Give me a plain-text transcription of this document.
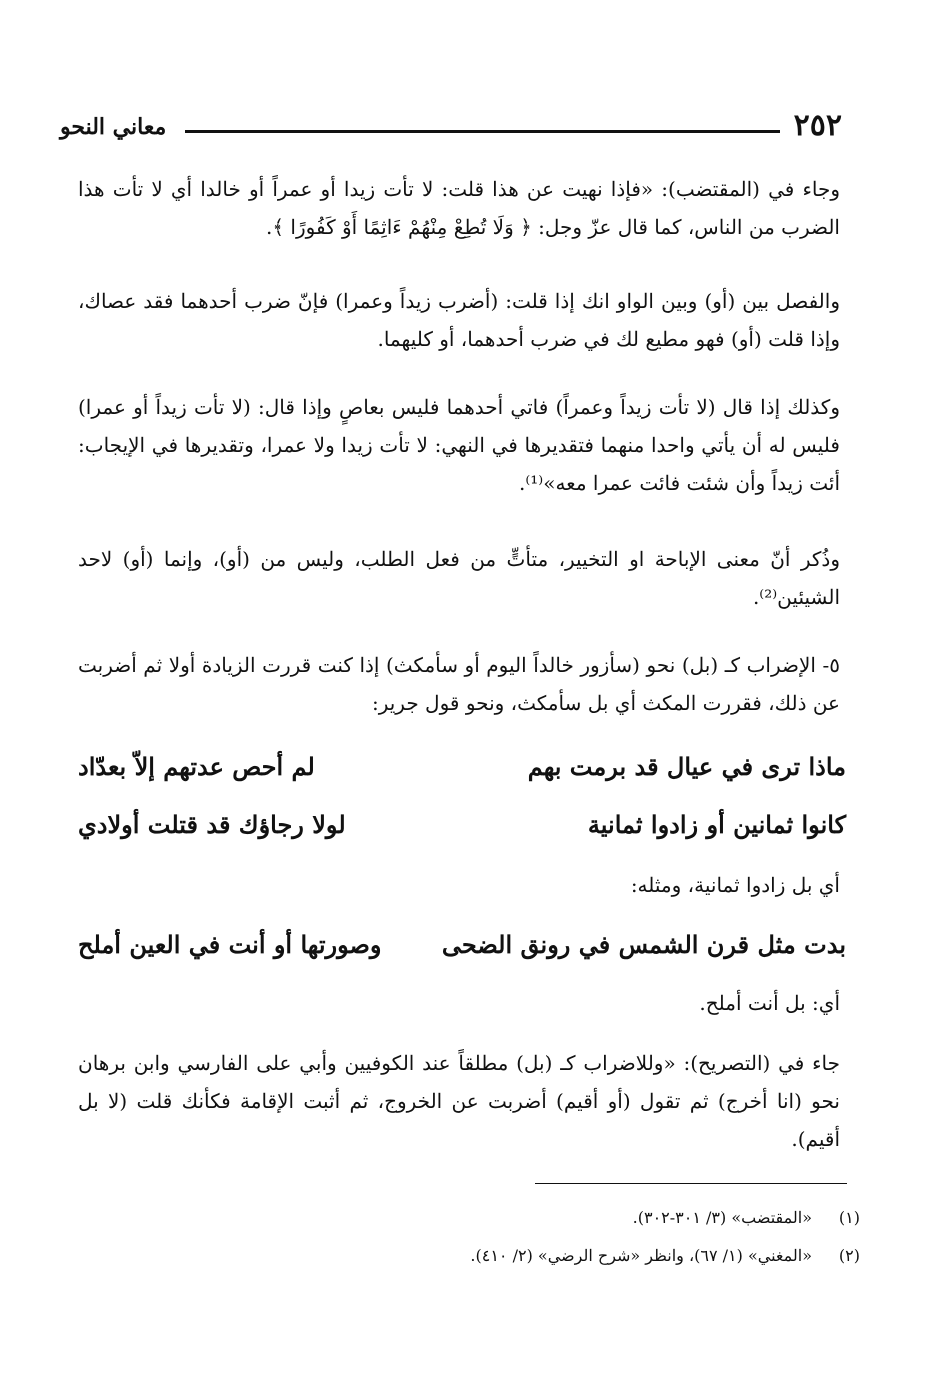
٢٥٢
معاني النحو

وجاء في (المقتضب): «فإذا نهيت عن هذا قلت: لا تأت زيدا أو عمراً أو خالدا أي لا تأت هذا الضرب من الناس، كما قال عزّ وجل: ﴿ وَلَا تُطِعْ مِنْهُمْ ءَاثِمًا أَوْ كَفُورًا ﴾.

والفصل بين (أو) وبين الواو انك إذا قلت: (أضرب زيداً وعمرا) فإنّ ضرب أحدهما فقد عصاك، وإذا قلت (أو) فهو مطيع لك في ضرب أحدهما، أو كليهما.

وكذلك إذا قال (لا تأت زيداً وعمراً) فاتي أحدهما فليس بعاصٍ وإذا قال: (لا تأت زيداً أو عمرا) فليس له أن يأتي واحدا منهما فتقديرها في النهي: لا تأت زيدا ولا عمرا، وتقديرها في الإيجاب: أئت زيداً وأن شئت فائت عمرا معه»⁽¹⁾.

وذُكر أنّ معنى الإباحة او التخيير، متأتٍّ من فعل الطلب، وليس من (أو)، وإنما (أو) لاحد الشيئين⁽²⁾.

٥- الإضراب كـ (بل) نحو (سأزور خالداً اليوم أو سأمكث) إذا كنت قررت الزيادة أولا ثم أضربت عن ذلك، فقررت المكث أي بل سأمكث، ونحو قول جرير:

ماذا ترى في عيال قد برمت بهم
لم أحص عدتهم إلاّ بعدّاد
كانوا ثمانين أو زادوا ثمانية
لولا رجاؤك قد قتلت أولادي

أي بل زادوا ثمانية، ومثله:

بدت مثل قرن الشمس في رونق الضحى
وصورتها أو أنت في العين أملح

أي: بل أنت أملح.

جاء في (التصريح): «وللاضراب كـ (بل) مطلقاً عند الكوفيين وأبي على الفارسي وابن برهان نحو (انا أخرج) ثم تقول (أو أقيم) أضربت عن الخروج، ثم أثبت الإقامة فكأنك قلت (لا بل أقيم).

(١)«المقتضب» (٣/ ٣٠١-٣٠٢).
(٢)«المغني» (١/ ٦٧)، وانظر «شرح الرضي» (٢/ ٤١٠).
